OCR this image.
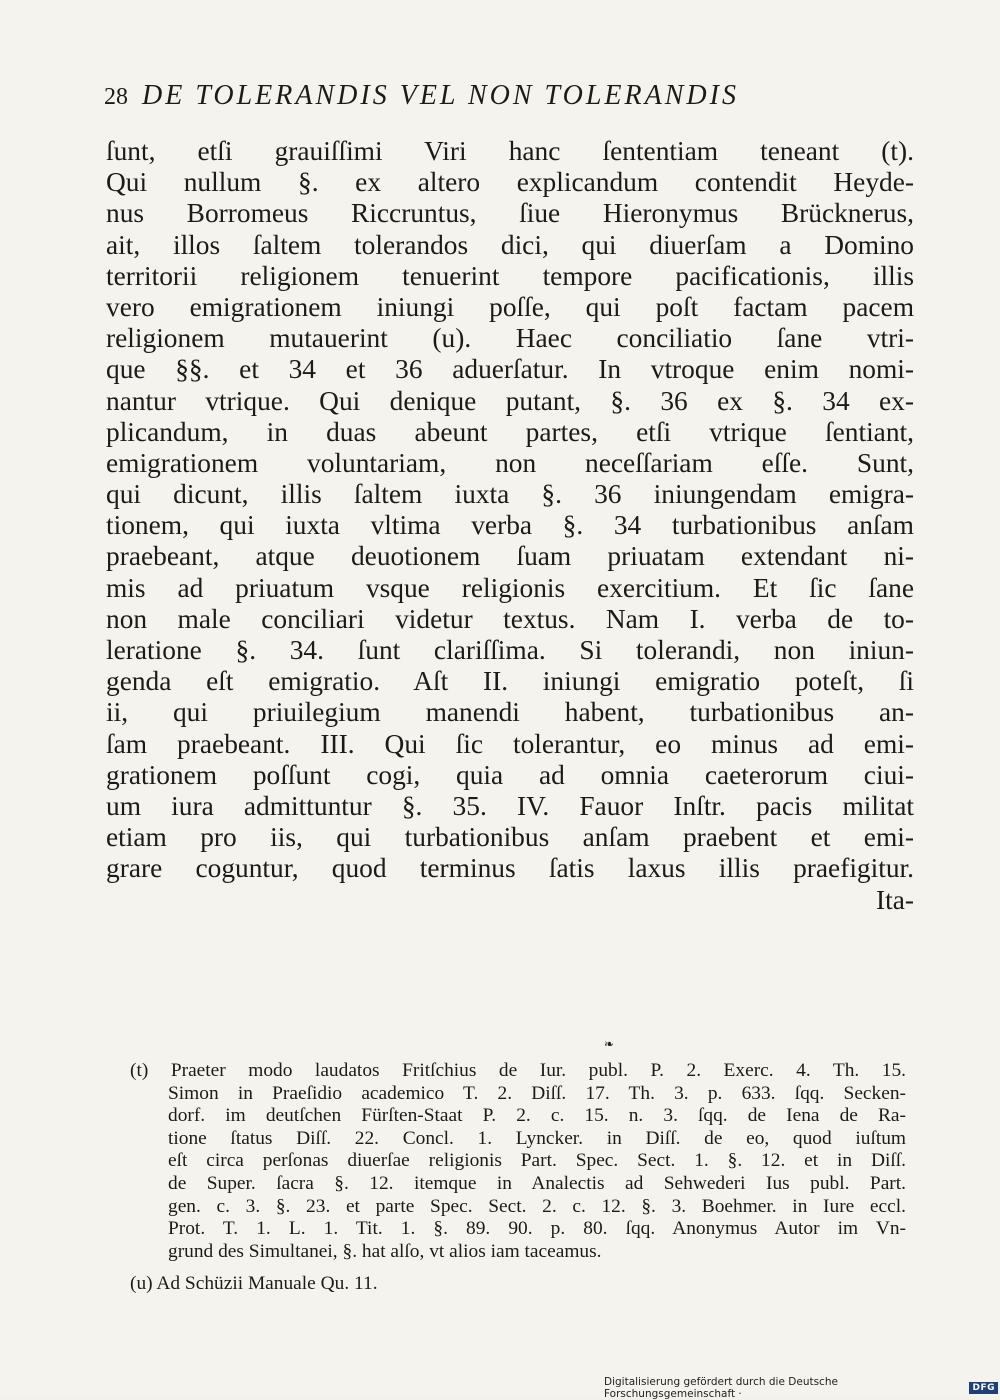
28 DE TOLERANDIS VEL NON TOLERANDIS
ſunt, etſi grauiſſimi Viri hanc ſententiam teneant (t).
Qui nullum §. ex altero explicandum contendit Heyde-
nus Borromeus Riccruntus, ſiue Hieronymus Brücknerus,
ait, illos ſaltem tolerandos dici, qui diuerſam a Domino
territorii religionem tenuerint tempore pacificationis, illis
vero emigrationem iniungi poſſe, qui poſt factam pacem
religionem mutauerint (u). Haec conciliatio ſane vtri-
que §§. et 34 et 36 aduerſatur. In vtroque enim nomi-
nantur vtrique. Qui denique putant, §. 36 ex §. 34 ex-
plicandum, in duas abeunt partes, etſi vtrique ſentiant,
emigrationem voluntariam, non neceſſariam eſſe. Sunt,
qui dicunt, illis ſaltem iuxta §. 36 iniungendam emigra-
tionem, qui iuxta vltima verba §. 34 turbationibus anſam
praebeant, atque deuotionem ſuam priuatam extendant ni-
mis ad priuatum vsque religionis exercitium. Et ſic ſane
non male conciliari videtur textus. Nam I. verba de to-
leratione §. 34. ſunt clariſſima. Si tolerandi, non iniun-
genda eſt emigratio. Aſt II. iniungi emigratio poteſt, ſi
ii, qui priuilegium manendi habent, turbationibus an-
ſam praebeant. III. Qui ſic tolerantur, eo minus ad emi-
grationem poſſunt cogi, quia ad omnia caeterorum ciui-
um iura admittuntur §. 35. IV. Fauor Inſtr. pacis militat
etiam pro iis, qui turbationibus anſam praebent et emi-
grare coguntur, quod terminus ſatis laxus illis praefigitur.
Ita-
❧
(t) Praeter modo laudatos Fritſchius de Iur. publ. P. 2. Exerc. 4. Th. 15.
Simon in Praeſidio academico T. 2. Diſſ. 17. Th. 3. p. 633. ſqq. Secken-
dorf. im deutſchen Fürſten-Staat P. 2. c. 15. n. 3. ſqq. de Iena de Ra-
tione ſtatus Diſſ. 22. Concl. 1. Lyncker. in Diſſ. de eo, quod iuſtum
eſt circa perſonas diuerſae religionis Part. Spec. Sect. 1. §. 12. et in Diſſ.
de Super. ſacra §. 12. itemque in Analectis ad Sehwederi Ius publ. Part.
gen. c. 3. §. 23. et parte Spec. Sect. 2. c. 12. §. 3. Boehmer. in Iure eccl.
Prot. T. 1. L. 1. Tit. 1. §. 89. 90. p. 80. ſqq. Anonymus Autor im Vn-
grund des Simultanei, §. hat alſo, vt alios iam taceamus.
(u) Ad Schüzii Manuale Qu. 11.
Digitalisierung gefördert durch die Deutsche Forschungsgemeinschaft ·	DFG
